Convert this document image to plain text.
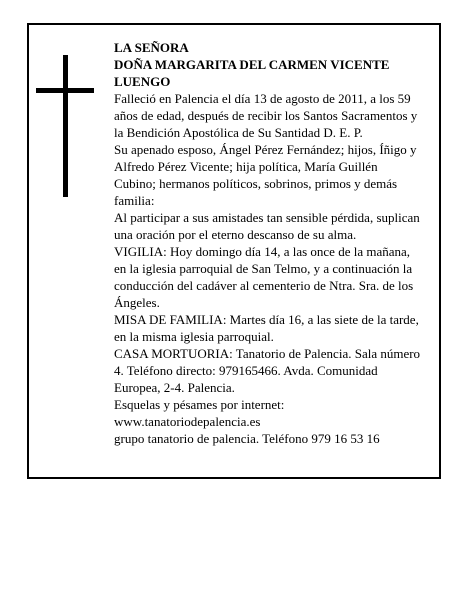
LA SEÑORA

DOÑA MARGARITA DEL CARMEN VICENTE LUENGO

Falleció en Palencia el día 13 de agosto de 2011, a los 59 años de edad, después de recibir los Santos Sacramentos y la Bendición Apostólica de Su Santidad D. E. P.

Su apenado esposo, Ángel Pérez Fernández; hijos, Íñigo y Alfredo Pérez Vicente; hija política, María Guillén Cubino; hermanos políticos, sobrinos, primos y demás familia:

Al participar a sus amistades tan sensible pérdida, suplican una oración por el eterno descanso de su alma.

VIGILIA: Hoy domingo día 14, a las once de la mañana, en la iglesia parroquial de San Telmo, y a continuación la conducción del cadáver al cementerio de Ntra. Sra. de los Ángeles.

MISA DE FAMILIA: Martes día 16, a las siete de la tarde, en la misma iglesia parroquial.

CASA MORTUORIA: Tanatorio de Palencia. Sala número 4. Teléfono directo: 979165466. Avda. Comunidad Europea, 2-4. Palencia.

Esquelas y pésames por internet:

www.tanatoriodepalencia.es

grupo tanatorio de palencia. Teléfono 979 16 53 16
